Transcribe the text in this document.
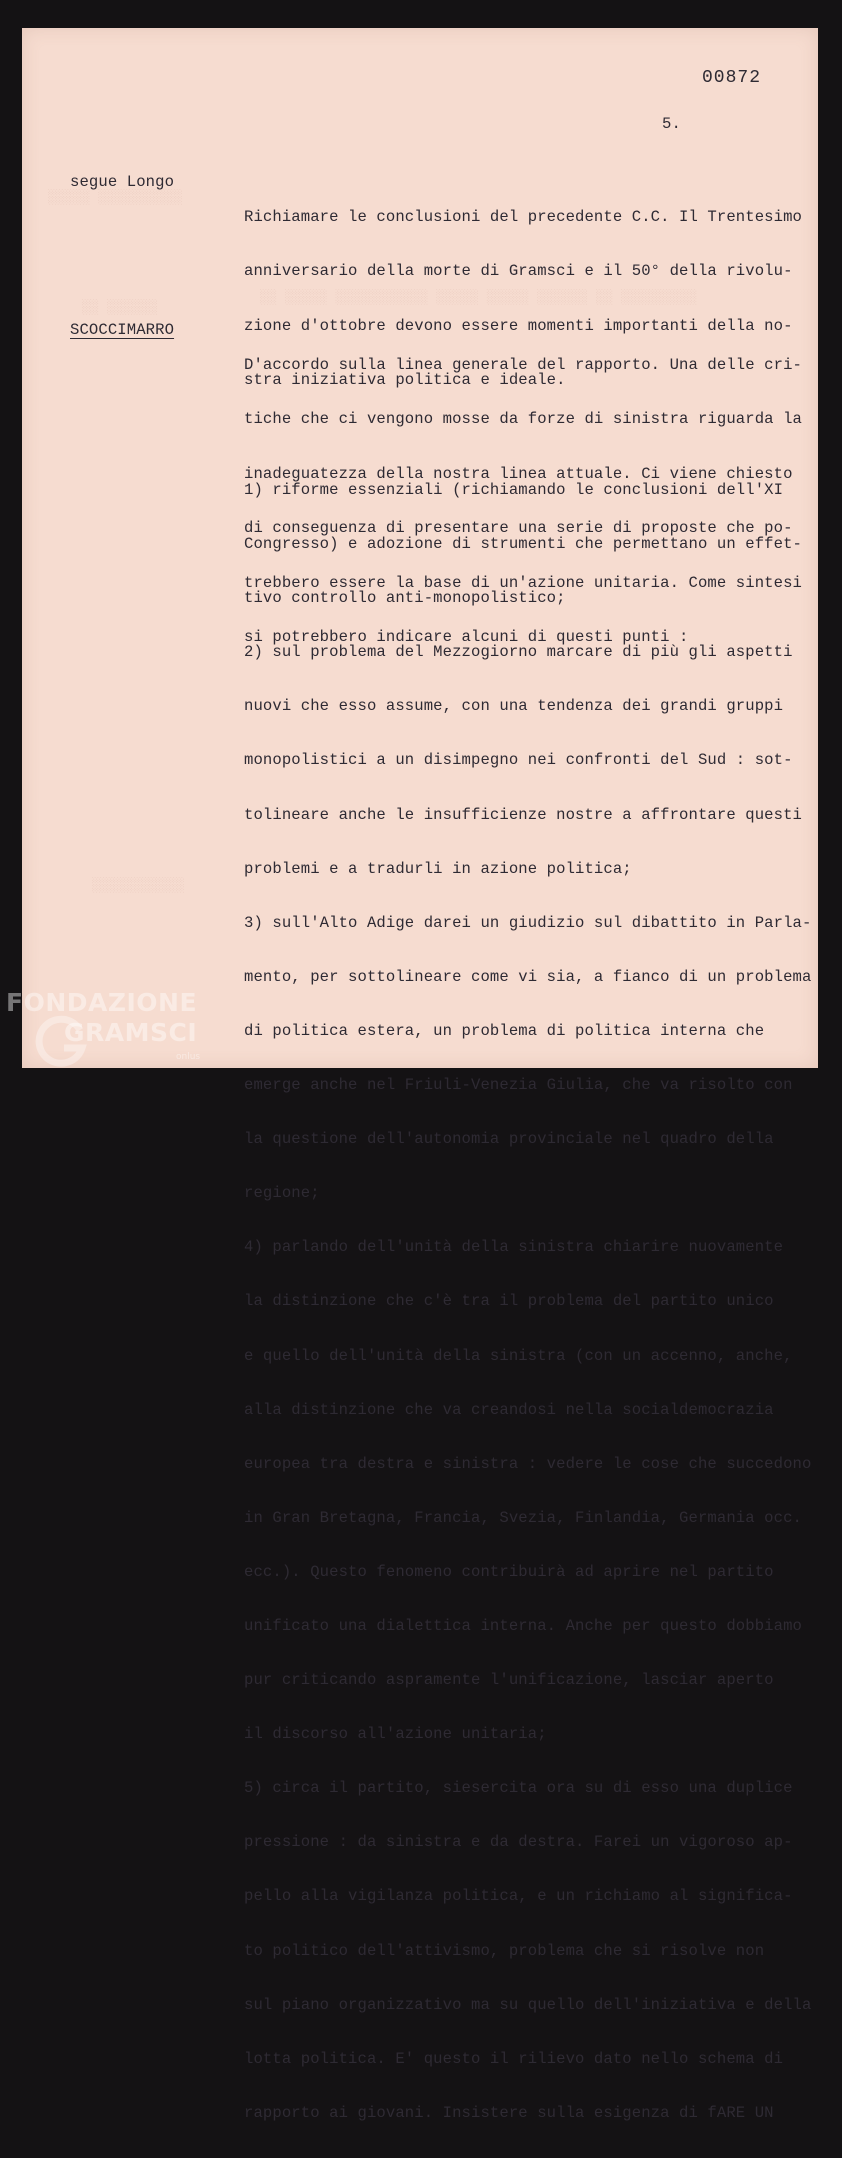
░░░░░ ░░░░░░░░░░
░░ ░░░░░░
░░ ░░░░░ ░░░░░░░░░░░ ░░░░░ ░░░░░ ░░░░░░ ░░ ░░░░░░░░░
░░░░░░░░░░░
00872
5.
segue Longo

Richiamare le conclusioni del precedente C.C. Il Trentesimo

anniversario della morte di Gramsci e il 50° della rivolu-

zione d'ottobre devono essere momenti importanti della no-

stra iniziativa politica e ideale.

SCOCCIMARRO

D'accordo sulla linea generale del rapporto. Una delle cri-

tiche che ci vengono mosse da forze di sinistra riguarda la

inadeguatezza della nostra linea attuale. Ci viene chiesto

di conseguenza di presentare una serie di proposte che po-

trebbero essere la base di un'azione unitaria. Come sintesi

si potrebbero indicare alcuni di questi punti :

1) riforme essenziali (richiamando le conclusioni dell'XI

Congresso) e adozione di strumenti che permettano un effet-

tivo controllo anti-monopolistico;

2) sul problema del Mezzogiorno marcare di più gli aspetti

nuovi che esso assume, con una tendenza dei grandi gruppi

monopolistici a un disimpegno nei confronti del Sud : sot-

tolineare anche le insufficienze nostre a affrontare questi

problemi e a tradurli in azione politica;

3) sull'Alto Adige darei un giudizio sul dibattito in Parla-

mento, per sottolineare come vi sia, a fianco di un problema

di politica estera, un problema di politica interna che

emerge anche nel Friuli-Venezia Giulia, che va risolto con

la questione dell'autonomia provinciale nel quadro della

regione;

4) parlando dell'unità della sinistra chiarire nuovamente

la distinzione che c'è tra il problema del partito unico

e quello dell'unità della sinistra (con un accenno, anche,

alla distinzione che va creandosi nella socialdemocrazia

europea tra destra e sinistra : vedere le cose che succedono

in Gran Bretagna, Francia, Svezia, Finlandia, Germania occ.

ecc.). Questo fenomeno contribuirà ad aprire nel partito

unificato una dialettica interna. Anche per questo dobbiamo

pur criticando aspramente l'unificazione, lasciar aperto

il discorso all'azione unitaria;

5) circa il partito, siesercita ora su di esso una duplice

pressione : da sinistra e da destra. Farei un vigoroso ap-

pello alla vigilanza politica, e un richiamo al significa-

to politico dell'attivismo, problema che si risolve non

sul piano organizzativo ma su quello dell'iniziativa e della

lotta politica. E' questo il rilievo dato nello schema di

rapporto ai giovani. Insistere sulla esigenza di fARE UN

FONDAZIONE
GRAMSCI
onlus
